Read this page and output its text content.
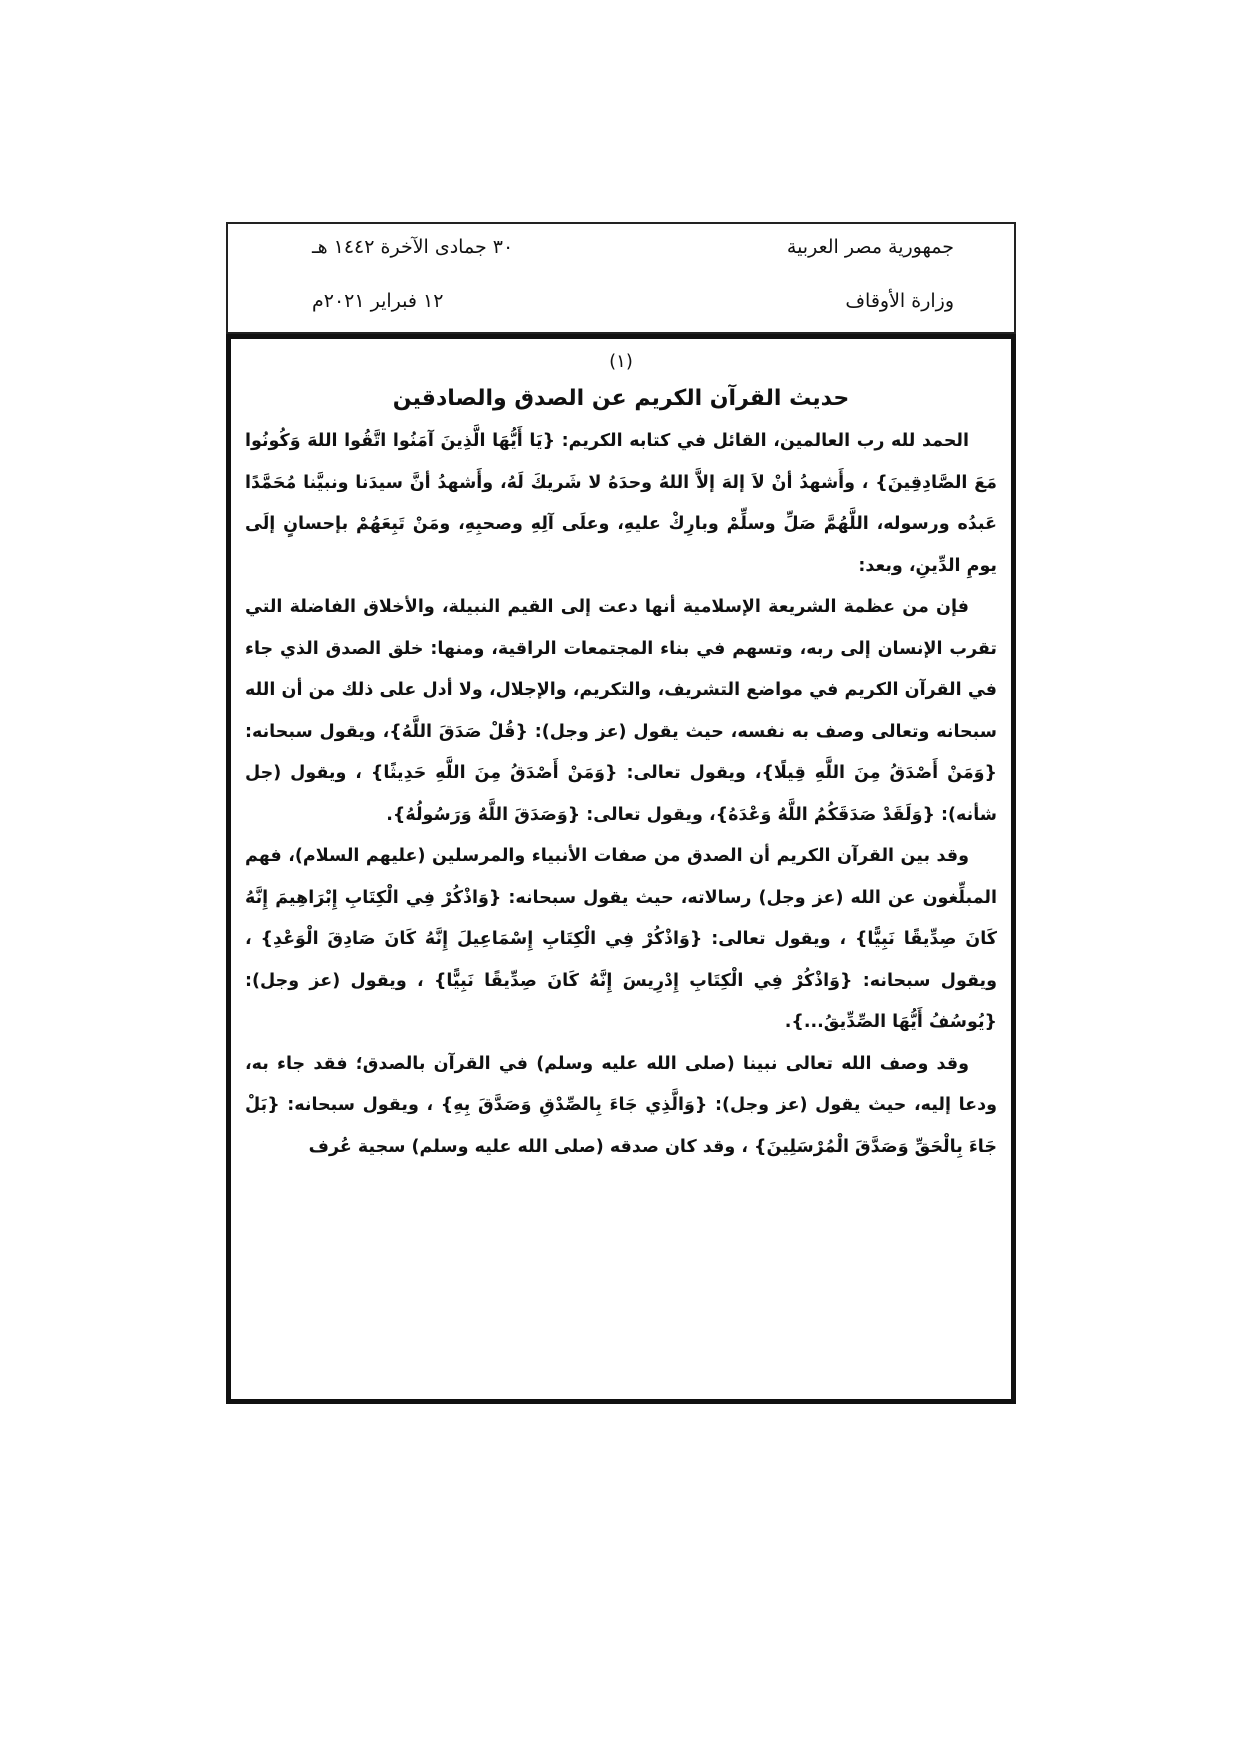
جمهورية مصر العربية
وزارة الأوقاف
٣٠ جمادى الآخرة ١٤٤٢ هـ
١٢ فبراير ٢٠٢١م
(١)
حديث القرآن الكريم عن الصدق والصادقين

الحمد لله رب العالمين، القائل في كتابه الكريم: {يَا أَيُّهَا الَّذِينَ آمَنُوا اتَّقُوا اللهَ وَكُونُوا مَعَ الصَّادِقِينَ} ، وأَشهدُ أنْ لاَ إلهَ إلاَّ اللهُ وحدَهُ لا شَريكَ لَهُ، وأَشهدُ أنَّ سيدَنا ونبيَّنا مُحَمَّدًا عَبدُه ورسوله، اللَّهُمَّ صَلِّ وسلِّمْ وبارِكْ عليهِ، وعلَى آلِهِ وصحبِهِ، ومَنْ تَبِعَهُمْ بإحسانٍ إلَى يومِ الدِّينِ، وبعد:

فإن من عظمة الشريعة الإسلامية أنها دعت إلى القيم النبيلة، والأخلاق الفاضلة التي تقرب الإنسان إلى ربه، وتسهم في بناء المجتمعات الراقية، ومنها: خلق الصدق الذي جاء في القرآن الكريم في مواضع التشريف، والتكريم، والإجلال، ولا أدل على ذلك من أن الله سبحانه وتعالى وصف به نفسه، حيث يقول (عز وجل): {قُلْ صَدَقَ اللَّهُ}، ويقول سبحانه: {وَمَنْ أَصْدَقُ مِنَ اللَّهِ قِيلًا}، ويقول تعالى: {وَمَنْ أَصْدَقُ مِنَ اللَّهِ حَدِيثًا} ، ويقول (جل شأنه): {وَلَقَدْ صَدَقَكُمُ اللَّهُ وَعْدَهُ}، ويقول تعالى: {وَصَدَقَ اللَّهُ وَرَسُولُهُ}.

وقد بين القرآن الكريم أن الصدق من صفات الأنبياء والمرسلين (عليهم السلام)، فهم المبلِّغون عن الله (عز وجل) رسالاته، حيث يقول سبحانه: {وَاذْكُرْ فِي الْكِتَابِ إِبْرَاهِيمَ إِنَّهُ كَانَ صِدِّيقًا نَبِيًّا} ، ويقول تعالى: {وَاذْكُرْ فِي الْكِتَابِ إِسْمَاعِيلَ إِنَّهُ كَانَ صَادِقَ الْوَعْدِ} ، ويقول سبحانه: {وَاذْكُرْ فِي الْكِتَابِ إِدْرِيسَ إِنَّهُ كَانَ صِدِّيقًا نَبِيًّا} ، ويقول (عز وجل): {يُوسُفُ أَيُّهَا الصِّدِّيقُ...}.

وقد وصف الله تعالى نبينا (صلى الله عليه وسلم) في القرآن بالصدق؛ فقد جاء به، ودعا إليه، حيث يقول (عز وجل): {وَالَّذِي جَاءَ بِالصِّدْقِ وَصَدَّقَ بِهِ} ، ويقول سبحانه: {بَلْ جَاءَ بِالْحَقِّ وَصَدَّقَ الْمُرْسَلِينَ} ، وقد كان صدقه (صلى الله عليه وسلم) سجية عُرف
